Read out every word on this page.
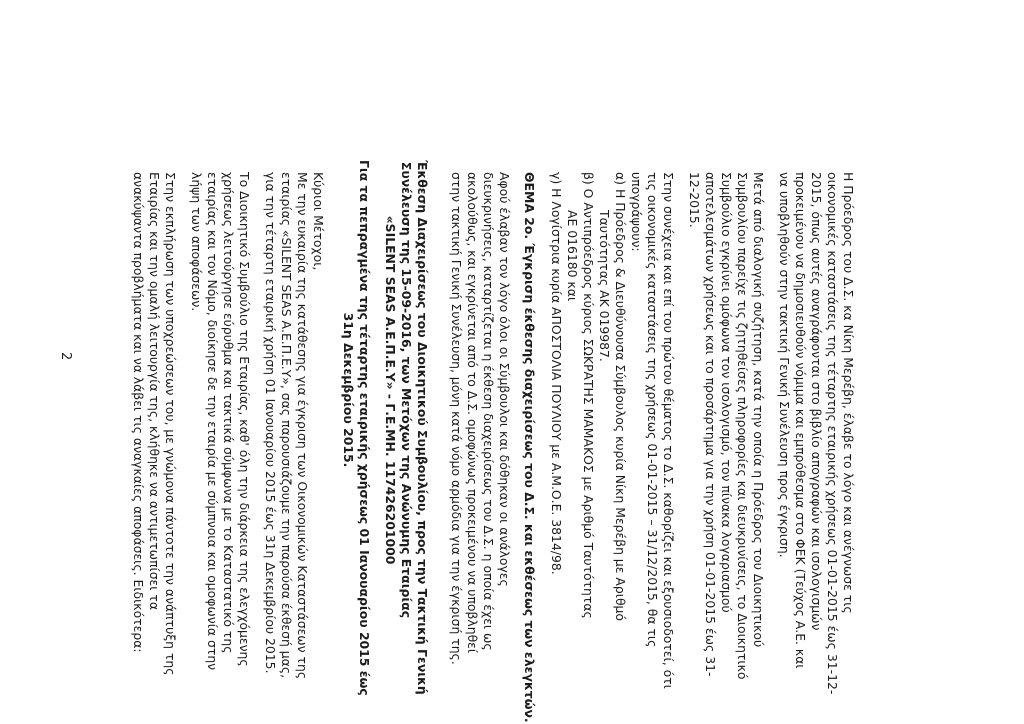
Η Πρόεδρος του Δ.Σ. κα Νίκη Μερέβη, έλαβε το λόγο και ανέγνωσε τις
οικονομικές καταστάσεις της τέταρτης εταιρικής χρήσεως 01-01-2015 έως 31-12-
2015, όπως αυτές αναγράφονται στο βιβλίο απογραφών και ισολογισμών
προκειμένου να δημοσιευθούν νόμιμα και εμπρόθεσμα στο ΦΕΚ (Τεύχος Α.Ε. και
να υποβληθούν στην τακτική Γενική Συνέλευση προς έγκριση.
Μετά από διαλογική συζήτηση, κατά την οποία η Πρόεδρος του Διοικητικού
Συμβουλίου παρείχε τις ζητηθείσες πληροφορίες και διευκρινίσεις, το Διοικητικό
Συμβούλιο εγκρίνει ομόφωνα τον ισολογισμό, τον πίνακα λογαριασμού
αποτελεσμάτων χρήσεως και το προσάρτημα για την χρήση 01-01-2015 έως 31-
12-2015.
Στην συνέχεια και επί του πρώτου θέματος το Δ.Σ. καθορίζει και εξουσιοδοτεί, ότι
τις οικονομικές καταστάσεις της χρήσεως 01-01-2015 – 31/12/2015, θα τις
υπογράψουν:
α) Η Πρόεδρος & Διευθύνουσα Σύμβουλος κυρία Νίκη Μερέβη με Αριθμό
Ταυτότητας ΑΚ 019987.
β) Ο Αντιπρόεδρος κύριος ΣΩΚΡΑΤΗΣ ΜΑΜΑΚΟΣ με Αριθμό Ταυτότητας
ΑΕ 016180 και
γ) Η Λογίστρια κυρία ΑΠΟΣΤΟΛΙΑ ΠΟΥΛΙΟΥ με Α.Μ.Ο.Ε. 3814/98.
ΘΕΜΑ 2ο. Έγκριση έκθεσης διαχειρίσεως του Δ.Σ. και εκθέσεως των ελεγκτών.
Αφού έλαβαν τον λόγο όλοι οι Σύμβουλοι και δόθηκαν οι ανάλογες
διευκρινήσεις, καταρτίζεται η έκθεση διαχειρίσεως του Δ.Σ. η οποία έχει ως
ακολούθως, και εγκρίνεται από το Δ.Σ. ομοφώνως προκειμένου να υποβληθεί
στην τακτική Γενική Συνέλευση, μόνη κατά νόμο αρμόδια για την έγκρισή της.
Έκθεση Διαχειρίσεως του Διοικητικού Συμβουλίου, προς την Τακτική Γενική
Συνέλευση της 15-09-2016, των Μετόχων της Ανώνυμης Εταιρίας
«SILENT SEAS Α.Ε.Π.Ε.Υ» - Γ.Ε.ΜΗ. 117426201000
Για τα πεπραγμένα της τέταρτης εταιρικής χρήσεως 01 Ιανουαρίου 2015 έως
31η Δεκεμβρίου 2015.
Κύριοι Μέτοχοι,
Με την ευκαιρία της κατάθεσης για έγκριση των Οικονομικών Καταστάσεων της
εταιρίας «SILENT SEAS Α.Ε.Π.Ε.Υ», σας παρουσιάζουμε την παρούσα έκθεσή μας,
για την τέταρτη εταιρική χρήση 01 Ιανουαρίου 2015 έως 31η Δεκεμβρίου 2015.
Το Διοικητικό Συμβούλιο της Εταιρίας, καθ' όλη την διάρκεια της ελεγχόμενης
χρήσεως λειτούργησε εύρυθμα και τακτικά σύμφωνα με το Καταστατικό της
εταιρίας και τον Νόμο, διοίκησε δε την εταιρία με σύμπνοια και ομοφωνία στην
λήψη των αποφάσεων.
Στην εκπλήρωση των υποχρεώσεων του, με γνώμονα πάντοτε την ανάπτυξη της
Εταιρίας και την ομαλή λειτουργία της, κλήθηκε να αντιμετωπίσει τα
ανακύψαντα προβλήματα και να λάβει τις αναγκαίες αποφάσεις. Ειδικότερα:
2
